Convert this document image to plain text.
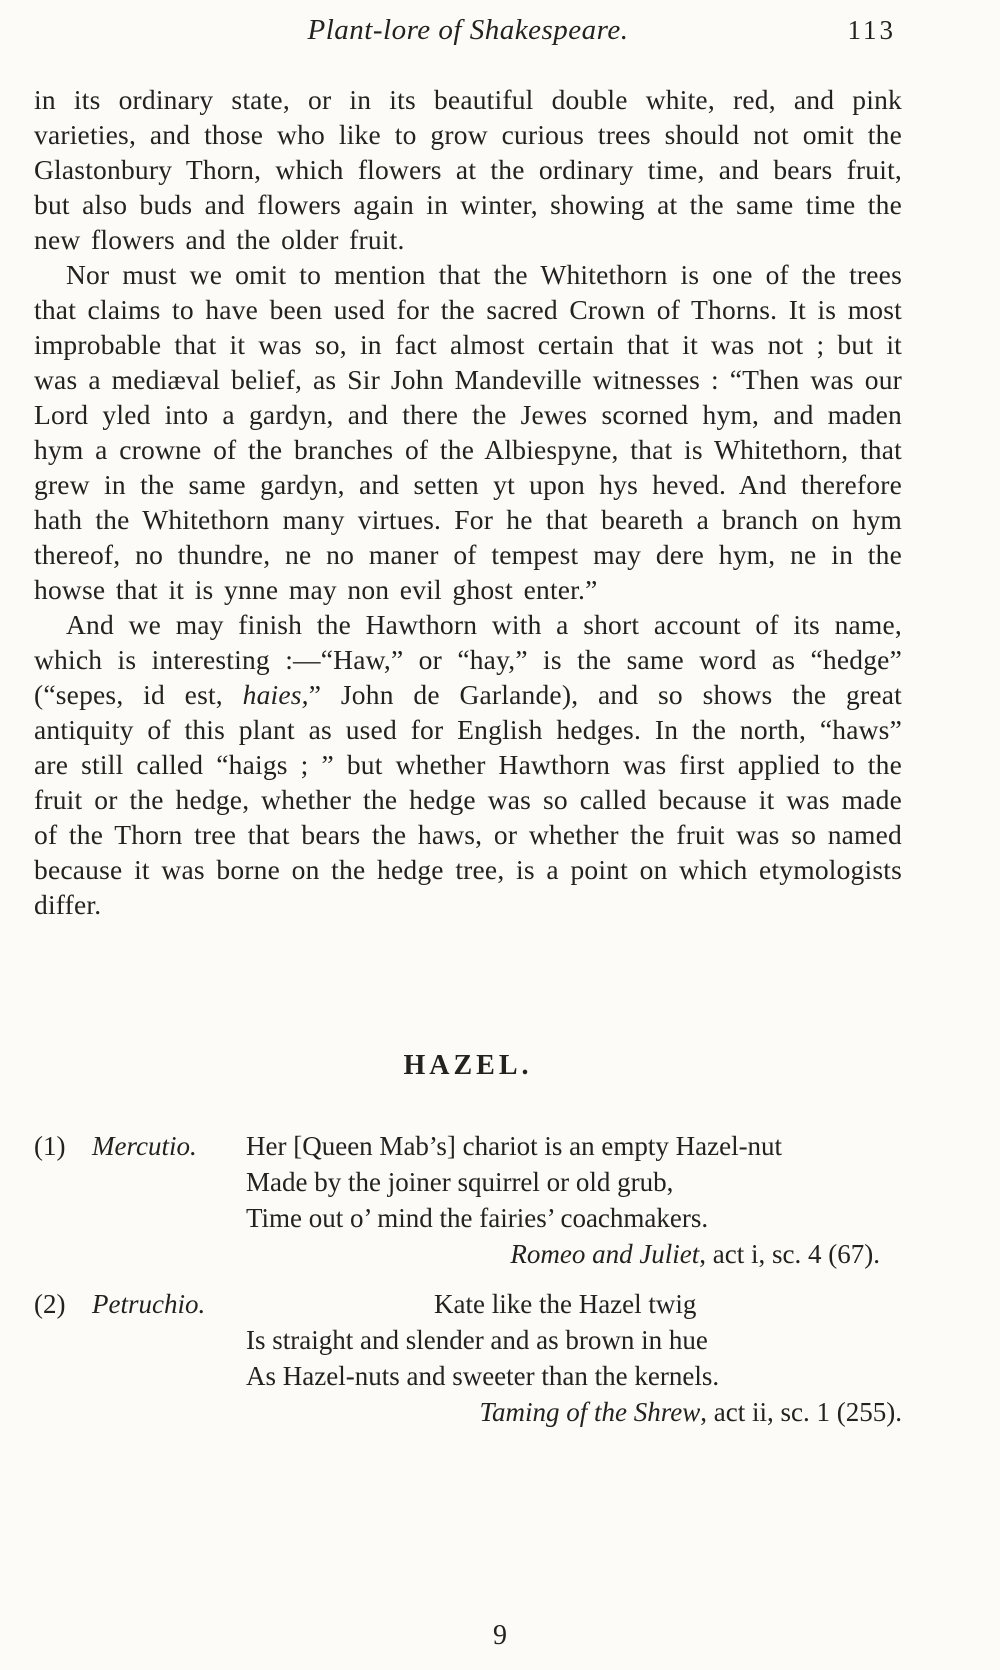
Plant-lore of Shakespeare.	113

in its ordinary state, or in its beautiful double white, red, and pink varieties, and those who like to grow curious trees should not omit the Glastonbury Thorn, which flowers at the ordinary time, and bears fruit, but also buds and flowers again in winter, showing at the same time the new flowers and the older fruit.

Nor must we omit to mention that the Whitethorn is one of the trees that claims to have been used for the sacred Crown of Thorns. It is most improbable that it was so, in fact almost certain that it was not ; but it was a mediæval belief, as Sir John Mandeville witnesses : “Then was our Lord yled into a gardyn, and there the Jewes scorned hym, and maden hym a crowne of the branches of the Albiespyne, that is Whitethorn, that grew in the same gardyn, and setten yt upon hys heved. And therefore hath the Whitethorn many virtues. For he that beareth a branch on hym thereof, no thundre, ne no maner of tempest may dere hym, ne in the howse that it is ynne may non evil ghost enter.”

And we may finish the Hawthorn with a short account of its name, which is interesting :—“Haw,” or “hay,” is the same word as “hedge” (“sepes, id est, haies,” John de Garlande), and so shows the great antiquity of this plant as used for English hedges. In the north, “haws” are still called “haigs ; ” but whether Hawthorn was first applied to the fruit or the hedge, whether the hedge was so called because it was made of the Thorn tree that bears the haws, or whether the fruit was so named because it was borne on the hedge tree, is a point on which etymologists differ.

HAZEL.
(1) Mercutio. Her [Queen Mab’s] chariot is an empty Hazel-nut
Made by the joiner squirrel or old grub,
Time out o’ mind the fairies’ coachmakers.
Romeo and Juliet, act i, sc. 4 (67).
(2) Petruchio.	Kate like the Hazel twig
Is straight and slender and as brown in hue
As Hazel-nuts and sweeter than the kernels.
Taming of the Shrew, act ii, sc. 1 (255).
9
